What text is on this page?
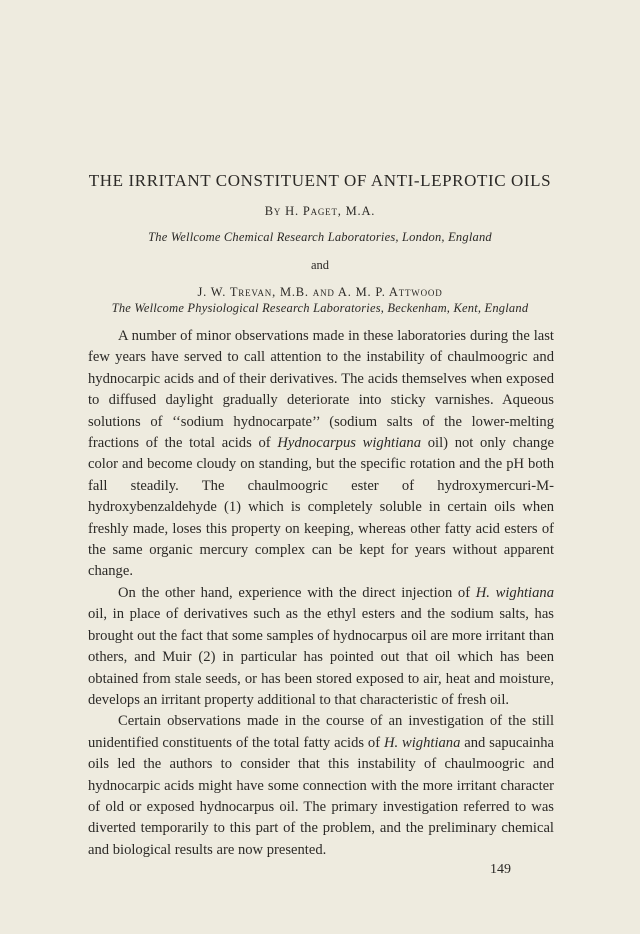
THE IRRITANT CONSTITUENT OF ANTI-LEPROTIC OILS
By H. Paget, M.A.
The Wellcome Chemical Research Laboratories, London, England
and
J. W. Trevan, M.B. and A. M. P. Attwood
The Wellcome Physiological Research Laboratories, Beckenham, Kent, England

A number of minor observations made in these laboratories during the last few years have served to call attention to the instability of chaulmoogric and hydnocarpic acids and of their derivatives. The acids themselves when exposed to diffused daylight gradually deteriorate into sticky varnishes. Aqueous solutions of ‘‘sodium hydnocarpate’’ (sodium salts of the lower-melting fractions of the total acids of Hydnocarpus wightiana oil) not only change color and become cloudy on standing, but the specific rotation and the pH both fall steadily. The chaulmoogric ester of hydroxymercuri-M-hydroxybenzaldehyde (1) which is completely soluble in certain oils when freshly made, loses this property on keeping, whereas other fatty acid esters of the same organic mercury complex can be kept for years without apparent change.

On the other hand, experience with the direct injection of H. wightiana oil, in place of derivatives such as the ethyl esters and the sodium salts, has brought out the fact that some samples of hydnocarpus oil are more irritant than others, and Muir (2) in particular has pointed out that oil which has been obtained from stale seeds, or has been stored exposed to air, heat and moisture, develops an irritant property additional to that characteristic of fresh oil.

Certain observations made in the course of an investigation of the still unidentified constituents of the total fatty acids of H. wightiana and sapucainha oils led the authors to consider that this instability of chaulmoogric and hydnocarpic acids might have some connection with the more irritant character of old or exposed hydnocarpus oil. The primary investigation referred to was diverted temporarily to this part of the problem, and the preliminary chemical and biological results are now presented.

149
